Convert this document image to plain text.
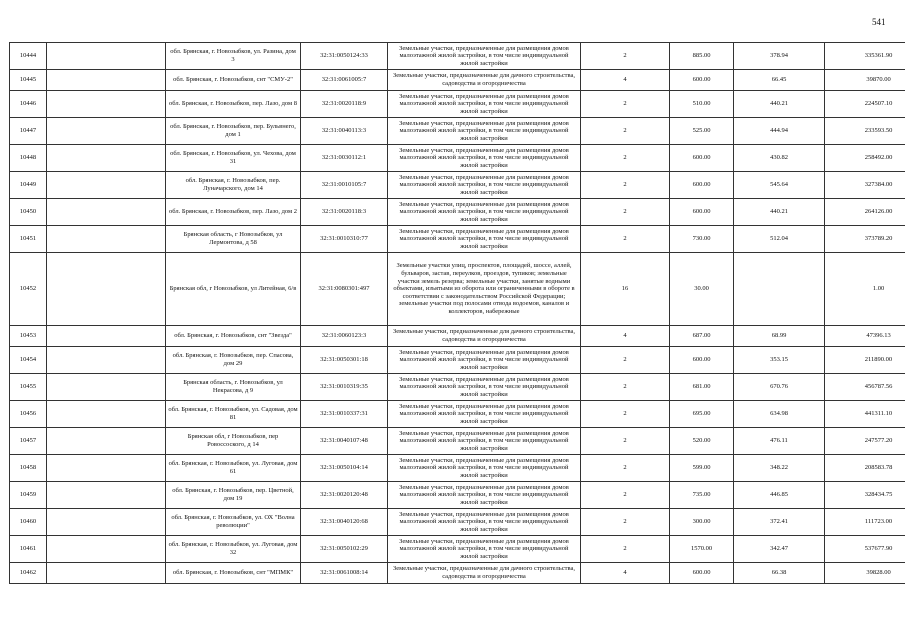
541
10444		обл. Брянская, г. Новозыбков, ул. Разина, дом 3	32:31:0050124:33	Земельные участки, предназначенные для размещения домов малоэтажной жилой застройки, в том числе индивидуальной жилой застройки	2	885.00	378.94	335361.90
10445		обл. Брянская, г. Новозыбков, снт "СМУ-2"	32:31:0061005:7	Земельные участки, предназначенные для дачного строительства, садоводства и огородничества	4	600.00	66.45	39870.00
10446		обл. Брянская, г. Новозыбков, пер. Лазо, дом 8	32:31:0020118:9	Земельные участки, предназначенные для размещения домов малоэтажной жилой застройки, в том числе индивидуальной жилой застройки	2	510.00	440.21	224507.10
10447		обл. Брянская, г. Новозыбков, пер. Бульвнего, дом 1	32:31:0040113:3	Земельные участки, предназначенные для размещения домов малоэтажной жилой застройки, в том числе индивидуальной жилой застройки	2	525.00	444.94	233593.50
10448		обл. Брянская, г. Новозыбков, ул. Чехова, дом 31	32:31:0030112:1	Земельные участки, предназначенные для размещения домов малоэтажной жилой застройки, в том числе индивидуальной жилой застройки	2	600.00	430.82	258492.00
10449		обл. Брянская, г. Новозыбков, пер. Луначарского, дом 14	32:31:0010105:7	Земельные участки, предназначенные для размещения домов малоэтажной жилой застройки, в том числе индивидуальной жилой застройки	2	600.00	545.64	327384.00
10450		обл. Брянская, г. Новозыбков, пер. Лазо, дом 2	32:31:0020118:3	Земельные участки, предназначенные для размещения домов малоэтажной жилой застройки, в том числе индивидуальной жилой застройки	2	600.00	440.21	264126.00
10451		Брянская область, г Новозыбков, ул Лермонтова, д 58	32:31:0010310:77	Земельные участки, предназначенные для размещения домов малоэтажной жилой застройки, в том числе индивидуальной жилой застройки	2	730.00	512.04	373789.20
10452		Брянская обл, г Новозыбков, ул Литейная, 6/в	32:31:0080301:497	Земельные участки улиц, проспектов, площадей, шоссе, аллей, бульваров, застав, переулков, проездов, тупиков; земельные участки земель резерва; земельные участки, занятые водными объектами, изъятыми из оборота или ограниченными в обороте в соответствии с законодательством Российской Федерации; земельные участки под полосами отвода водоемов, каналов и коллекторов, набережные	16	30.00		1.00
10453		обл. Брянская, г. Новозыбков, снт "Звезда"	32:31:0060123:3	Земельные участки, предназначенные для дачного строительства, садоводства и огородничества	4	687.00	68.99	47396.13
10454		обл. Брянская, г. Новозыбков, пер. Спасова, дом 29	32:31:0050301:18	Земельные участки, предназначенные для размещения домов малоэтажной жилой застройки, в том числе индивидуальной жилой застройки	2	600.00	353.15	211890.00
10455		Брянская область, г. Новозыбков, ул Некрасова, д 9	32:31:0010319:35	Земельные участки, предназначенные для размещения домов малоэтажной жилой застройки, в том числе индивидуальной жилой застройки	2	681.00	670.76	456787.56
10456		обл. Брянская, г. Новозыбков, ул. Садовая, дом 81	32:31:0010337:31	Земельные участки, предназначенные для размещения домов малоэтажной жилой застройки, в том числе индивидуальной жилой застройки	2	695.00	634.98	441311.10
10457		Брянская обл, г Новозыбков, пер Ровоссоского, д 14	32:31:0040107:48	Земельные участки, предназначенные для размещения домов малоэтажной жилой застройки, в том числе индивидуальной жилой застройки	2	520.00	476.11	247577.20
10458		обл. Брянская, г. Новозыбков, ул. Луговая, дом 61	32:31:0050104:14	Земельные участки, предназначенные для размещения домов малоэтажной жилой застройки, в том числе индивидуальной жилой застройки	2	599.00	348.22	208583.78
10459		обл. Брянская, г. Новозыбков, пер. Цветной, дом 19	32:31:0020120:48	Земельные участки, предназначенные для размещения домов малоэтажной жилой застройки, в том числе индивидуальной жилой застройки	2	735.00	446.85	328434.75
10460		обл. Брянская, г. Новозыбков, ул. ОХ "Волна революции"	32:31:0040120:68	Земельные участки, предназначенные для размещения домов малоэтажной жилой застройки, в том числе индивидуальной жилой застройки	2	300.00	372.41	111723.00
10461		обл. Брянская, г. Новозыбков, ул. Луговая, дом 32	32:31:0050102:29	Земельные участки, предназначенные для размещения домов малоэтажной жилой застройки, в том числе индивидуальной жилой застройки	2	1570.00	342.47	537677.90
10462		обл. Брянская, г. Новозыбков, снт "МПМК"	32:31:0061008:14	Земельные участки, предназначенные для дачного строительства, садоводства и огородничества	4	600.00	66.38	39828.00
